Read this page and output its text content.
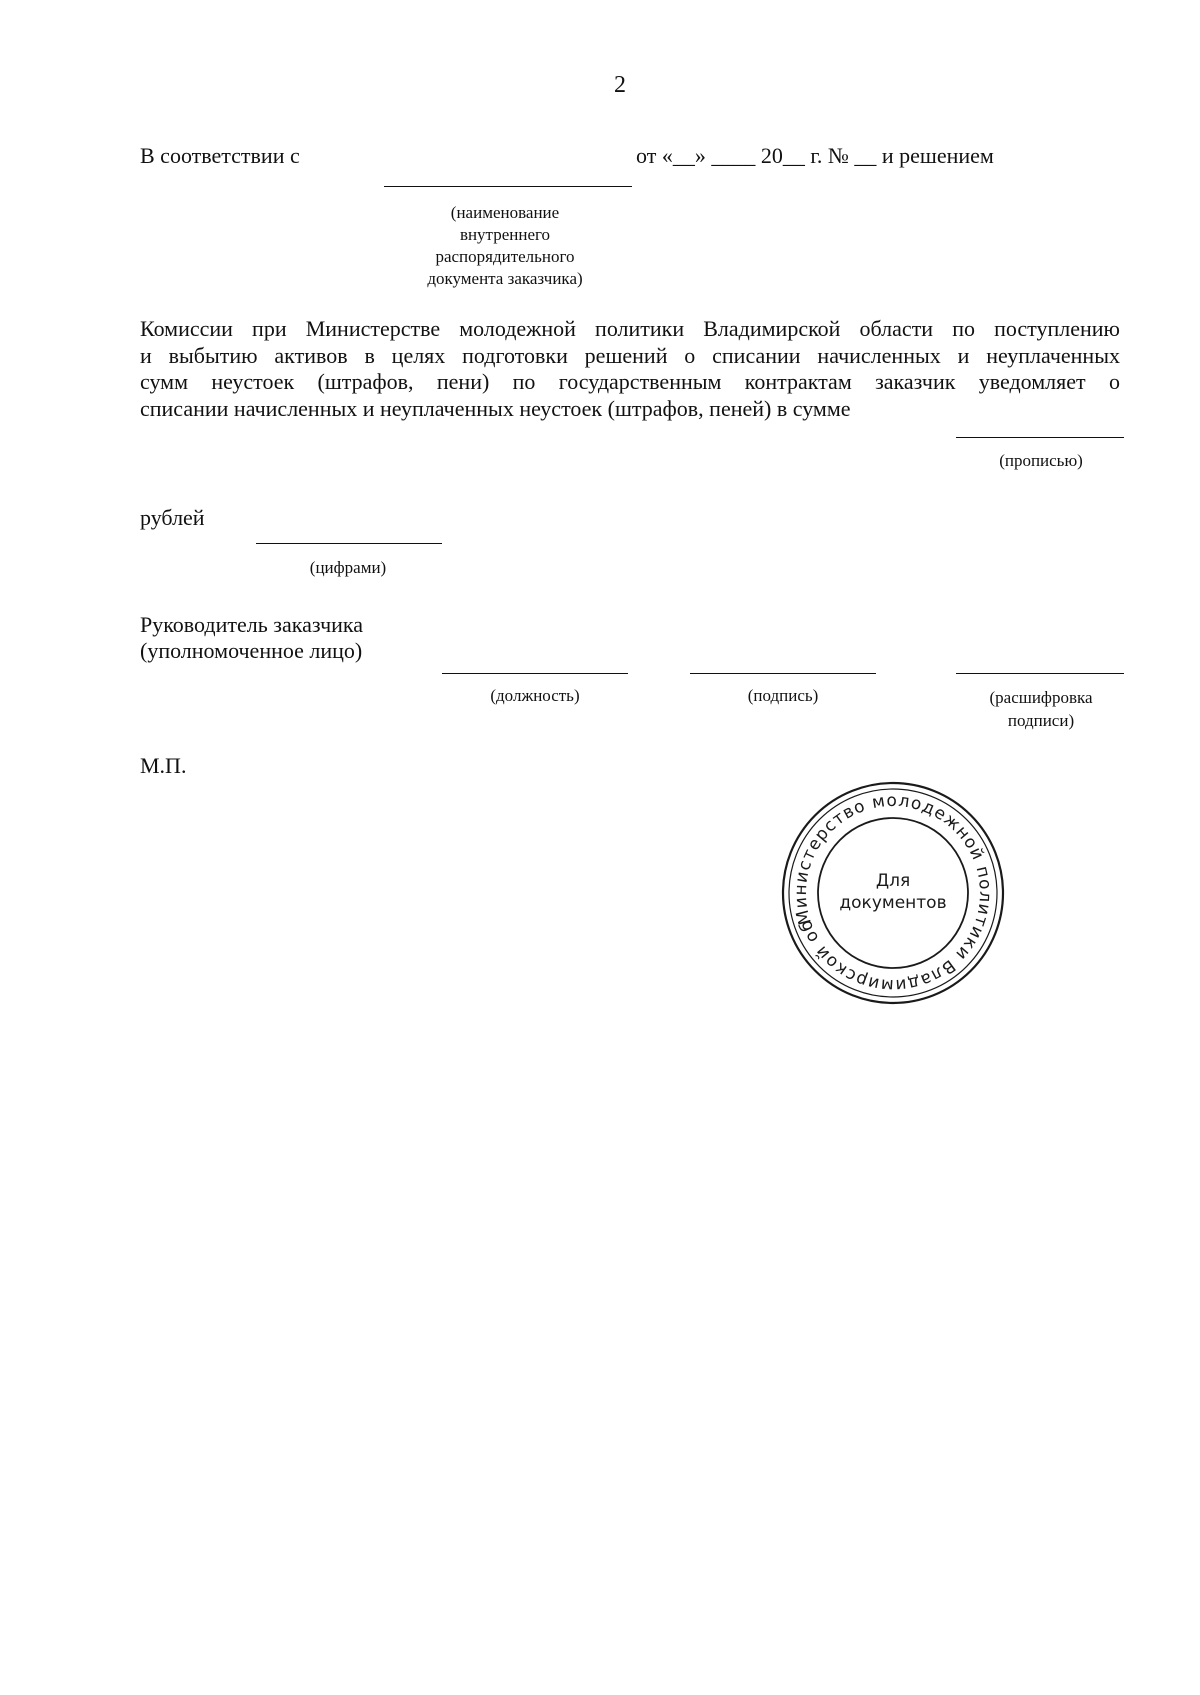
2
В соответствии с	от «__» ____ 20__ г. № __ и решением
(наименование
внутреннего
распорядительного
документа заказчика)
Комиссии при Министерстве молодежной политики Владимирской области по поступлению
и выбытию активов в целях подготовки решений о списании начисленных и неуплаченных
сумм неустоек (штрафов, пени) по государственным контрактам заказчик уведомляет о
списании начисленных и неуплаченных неустоек (штрафов, пеней) в сумме
(прописью)
рублей
(цифрами)
Руководитель заказчика
(уполномоченное лицо)
(должность)	(подпись)	(расшифровка
подписи)
М.П.
Министерство молодежной политики Владимирской области
Для
документов
